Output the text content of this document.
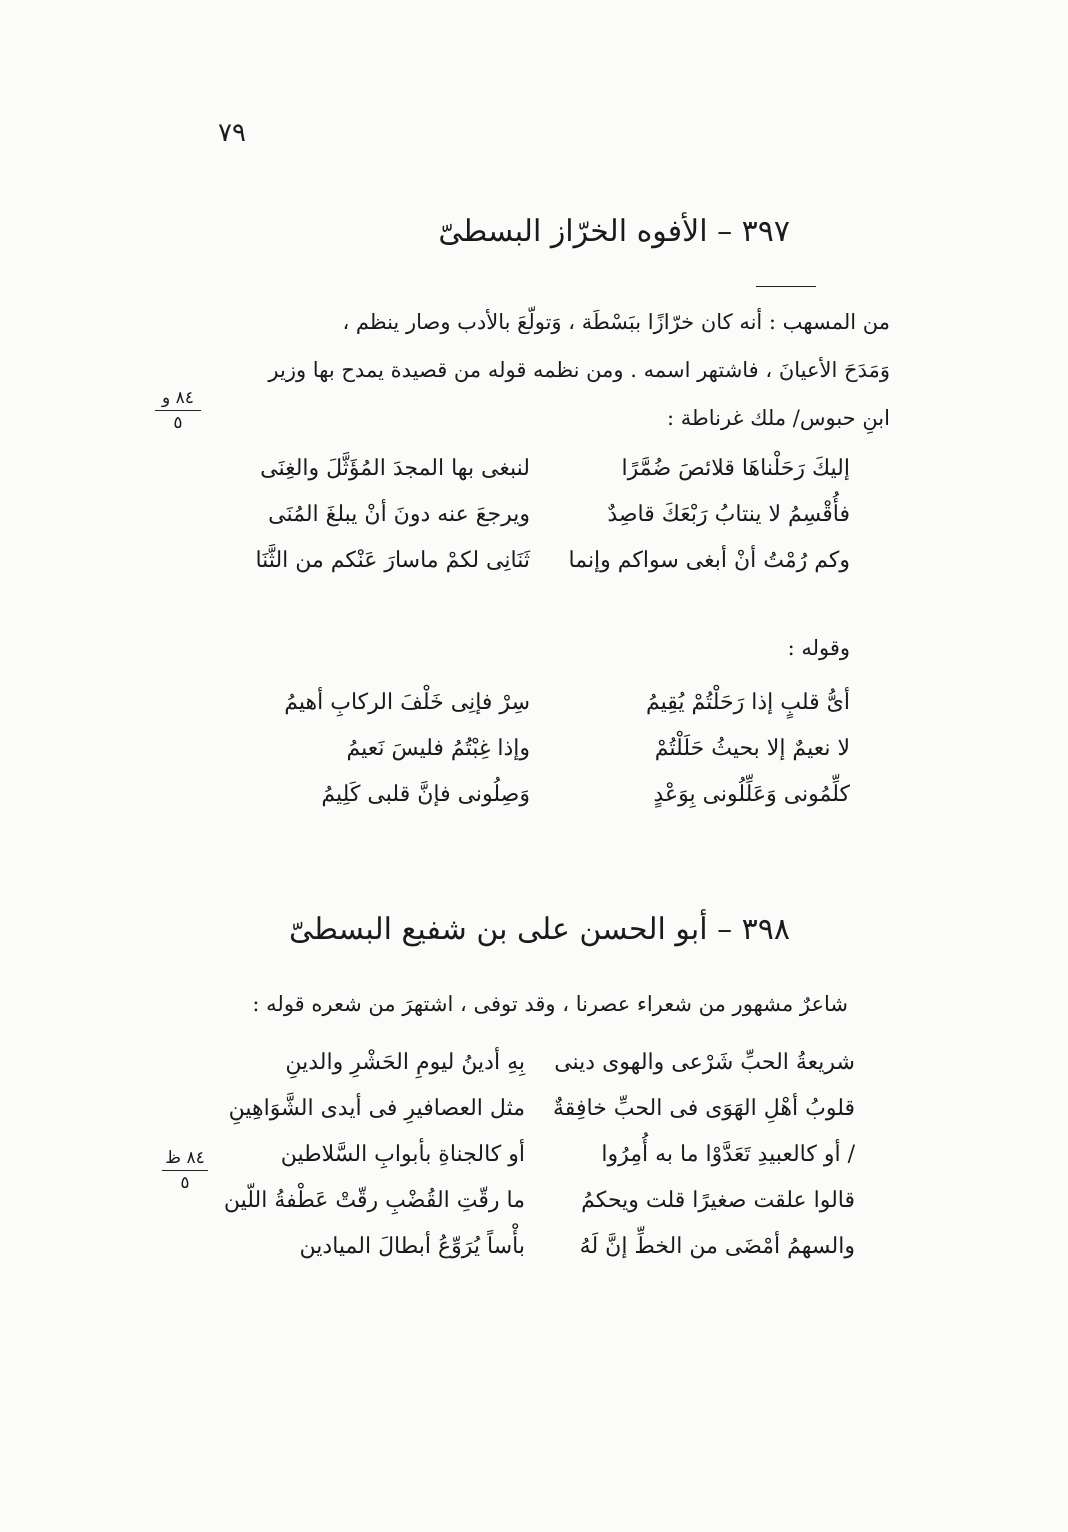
٧٩
٣٩٧ – الأفوه الخرّاز البسطىّ
من المسهب : أنه كان خرّازًا ببَسْطَة ، وَتولّعَ بالأدب وصار ينظم ،
وَمَدَحَ الأعيانَ ، فاشتهر اسمه . ومن نظمه قوله من قصيدة يمدح بها وزير
ابنِ حبوس/ ملك غرناطة :
٨٤ و
٥
إليكَ رَحَلْناهَا قلائصَ ضُمَّرًا
لنبغى بها المجدَ المُؤَثَّلَ والغِنَى
فأُقْسِمُ لا ينتابُ رَبْعَكَ قاصِدٌ
ويرجعَ عنه دونَ أنْ يبلغَ المُنَى
وكم رُمْتُ أنْ أبغى سواكم وإنما
ثَنَانِى لكمْ ماسارَ عَنْكم من الثَّنَا
وقوله :
أىُّ قلبٍ إذا رَحَلْتُمْ يُقِيمُ
سِرْ فإنِى خَلْفَ الركابِ أهيمُ
لا نعيمٌ إلا بحيثُ حَلَلْتُمْ
وإذا غِبْتُمُ فليسَ نَعيمُ
كلِّمُونى وَعَلِّلُونى بِوَعْدٍ
وَصِلُونى فإنَّ قلبى كَلِيمُ
٣٩٨ – أبو الحسن على بن شفيع البسطىّ
شاعرٌ مشهور من شعراء عصرنا ، وقد توفى ، اشتهرَ من شعره قوله :
٨٤ ظ
٥
شريعةُ الحبِّ شَرْعى والهوى دينى
بِهِ أدينُ ليومِ الحَشْرِ والدينِ
قلوبُ أهْلِ الهَوَى فى الحبِّ خافِقةٌ
مثل العصافيرِ فى أيدى الشَّوَاهِينِ
/ أو كالعبيدِ تَعَدَّوْا ما به أُمِرُوا
أو كالجناةِ بأبوابِ السَّلاطين
قالوا علقت صغيرًا قلت ويحكمُ
ما رقّتِ القُضْبِ رقّتْ عَطْفةُ اللّين
والسهمُ أمْضَى من الخطِّ إنَّ لَهُ
بأْساً يُرَوِّعُ أبطالَ الميادين
